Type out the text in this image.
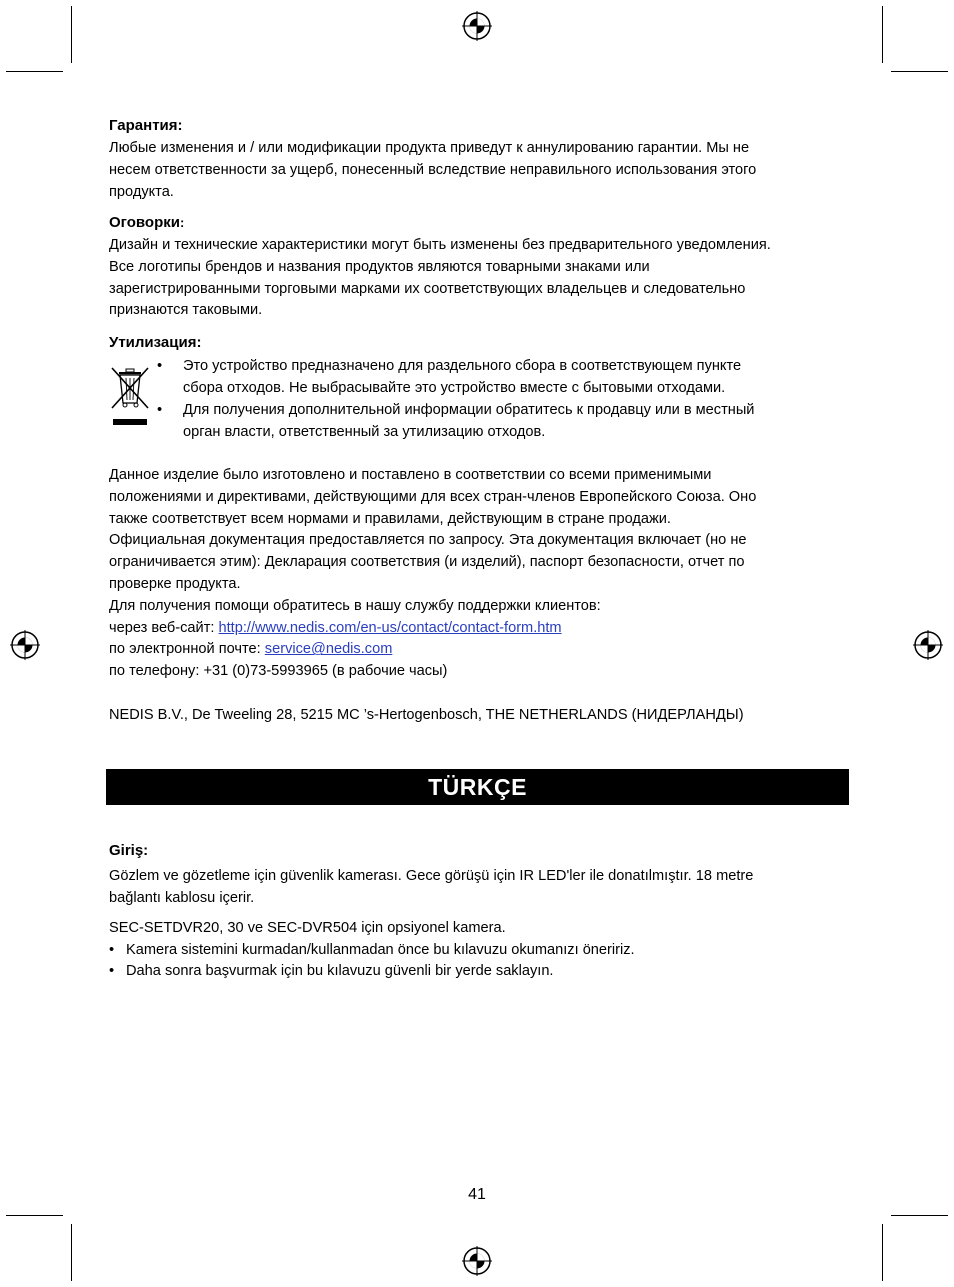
Гарантия:
Любые изменения и / или модификации продукта приведут к аннулированию гарантии. Мы не
несем ответственности за ущерб, понесенный вследствие неправильного использования этого
продукта.
Оговорки:
Дизайн и технические характеристики могут быть изменены без предварительного уведомления.
Все логотипы брендов и названия продуктов являются товарными знаками или
зарегистрированными торговыми марками их соответствующих владельцев и следовательно
признаются таковыми.
Утилизация:
• Это устройство предназначено для раздельного сбора в соответствующем пункте
сбора отходов. Не выбрасывайте это устройство вместе с бытовыми отходами.
• Для получения дополнительной информации обратитесь к продавцу или в местный
орган власти, ответственный за утилизацию отходов.
Данное изделие было изготовлено и поставлено в соответствии со всеми применимыми
положениями и директивами, действующими для всех стран-членов Европейского Союза. Оно
также соответствует всем нормами и правилами, действующим в стране продажи.
Официальная документация предоставляется по запросу. Эта документация включает (но не
ограничивается этим): Декларация соответствия (и изделий), паспорт безопасности, отчет по
проверке продукта.
Для получения помощи обратитесь в нашу службу поддержки клиентов:
через веб-сайт: http://www.nedis.com/en-us/contact/contact-form.htm
по электронной почте: service@nedis.com
по телефону: +31 (0)73-5993965 (в рабочие часы)
NEDIS B.V., De Tweeling 28, 5215 MC ’s-Hertogenbosch, THE NETHERLANDS (НИДЕРЛАНДЫ)
TÜRKÇE
Giriş:
Gözlem ve gözetleme için güvenlik kamerası. Gece görüşü için IR LED'ler ile donatılmıştır. 18 metre
bağlantı kablosu içerir.
SEC-SETDVR20, 30 ve SEC-DVR504 için opsiyonel kamera.
• Kamera sistemini kurmadan/kullanmadan önce bu kılavuzu okumanızı öneririz.
• Daha sonra başvurmak için bu kılavuzu güvenli bir yerde saklayın.
41
